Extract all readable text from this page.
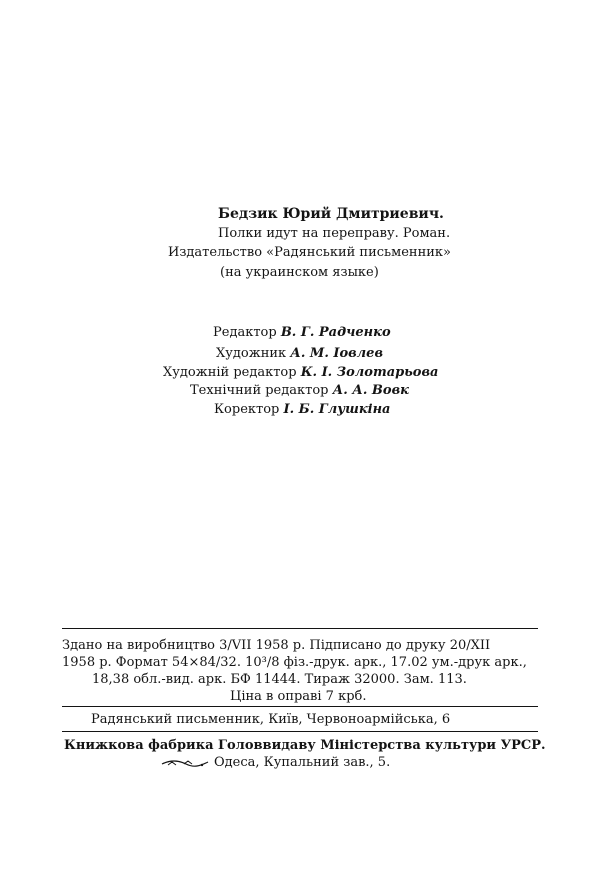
Бедзик Юрий Дмитриевич.
Полки идут на переправу. Роман.
Издательство «Радянський письменник»
(на украинском языке)
Редактор В. Г. Радченко
Художник А. М. Іовлев
Художній редактор К. І. Золотарьова
Технічний редактор А. А. Вовк
Коректор І. Б. Глушкіна
Здано на виробництво 3/VII 1958 р. Підписано до друку 20/XII
1958 р. Формат 54×84/32. 10³/8 фіз.-друк. арк., 17.02 ум.-друк арк.,
18,38 обл.-вид. арк. БФ 11444. Тираж 32000. Зам. 113.
Ціна в оправі 7 крб.
Радянський письменник, Київ, Червоноармійська, 6
Книжкова фабрика Головвидаву Міністерства культури УРСР.
Одеса, Купальний зав., 5.
